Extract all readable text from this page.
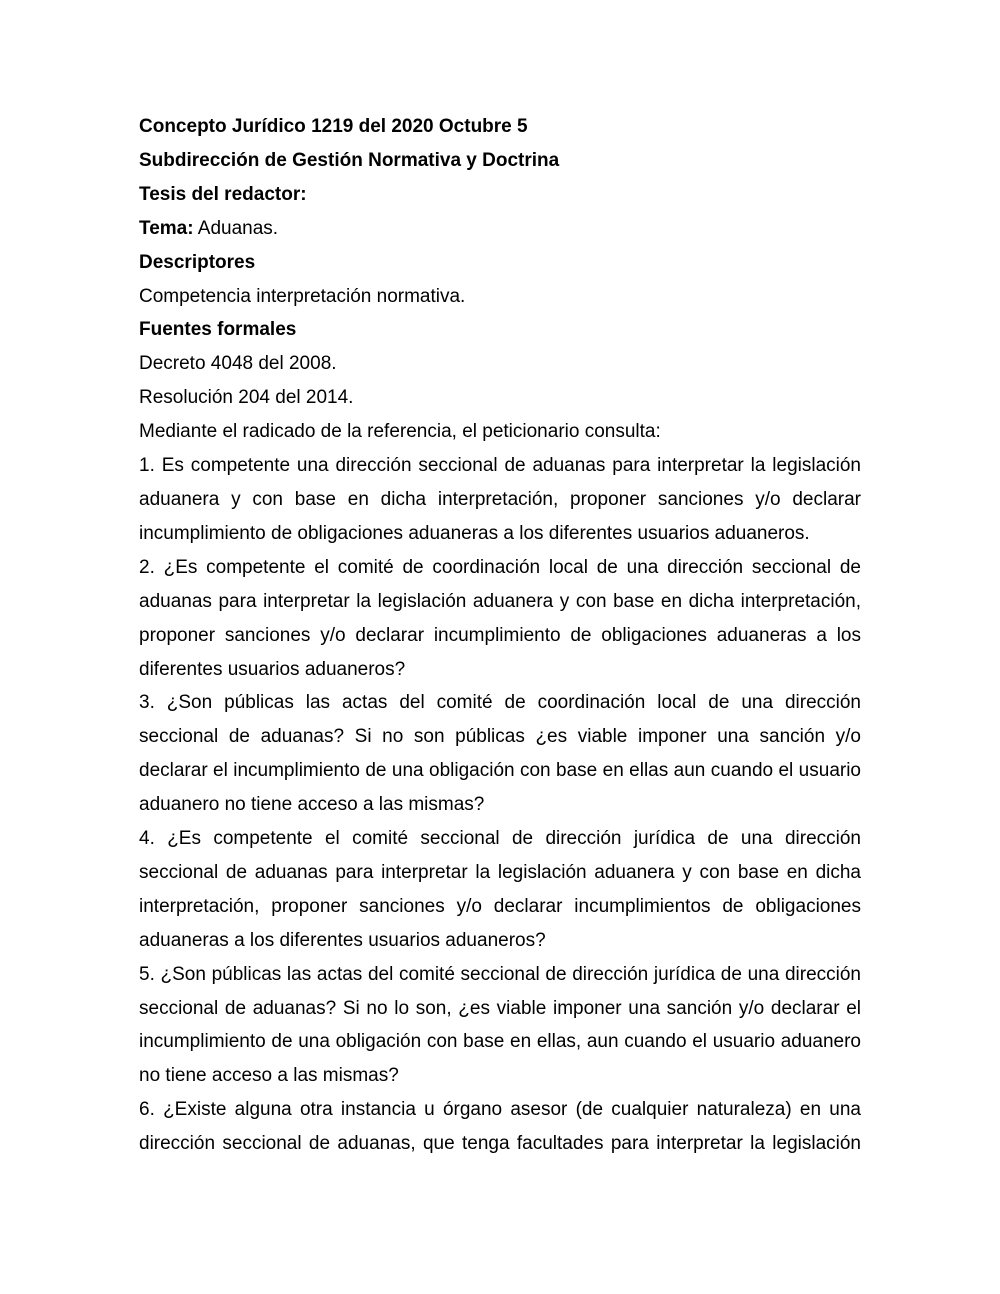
Concepto Jurídico 1219 del 2020 Octubre 5

Subdirección de Gestión Normativa y Doctrina

Tesis del redactor:

Tema: Aduanas.

Descriptores

Competencia interpretación normativa.

Fuentes formales

Decreto 4048 del 2008.

Resolución 204 del 2014.

Mediante el radicado de la referencia, el peticionario consulta:

1. Es competente una dirección seccional de aduanas para interpretar la legislación aduanera y con base en dicha interpretación, proponer sanciones y/o declarar incumplimiento de obligaciones aduaneras a los diferentes usuarios aduaneros.

2. ¿Es competente el comité de coordinación local de una dirección seccional de aduanas para interpretar la legislación aduanera y con base en dicha interpretación, proponer sanciones y/o declarar incumplimiento de obligaciones aduaneras a los diferentes usuarios aduaneros?

3. ¿Son públicas las actas del comité de coordinación local de una dirección seccional de aduanas? Si no son públicas ¿es viable imponer una sanción y/o declarar el incumplimiento de una obligación con base en ellas aun cuando el usuario aduanero no tiene acceso a las mismas?

4. ¿Es competente el comité seccional de dirección jurídica de una dirección seccional de aduanas para interpretar la legislación aduanera y con base en dicha interpretación, proponer sanciones y/o declarar incumplimientos de obligaciones aduaneras a los diferentes usuarios aduaneros?

5. ¿Son públicas las actas del comité seccional de dirección jurídica de una dirección seccional de aduanas? Si no lo son, ¿es viable imponer una sanción y/o declarar el incumplimiento de una obligación con base en ellas, aun cuando el usuario aduanero no tiene acceso a las mismas?

6. ¿Existe alguna otra instancia u órgano asesor (de cualquier naturaleza) en una dirección seccional de aduanas, que tenga facultades para interpretar la legislación
